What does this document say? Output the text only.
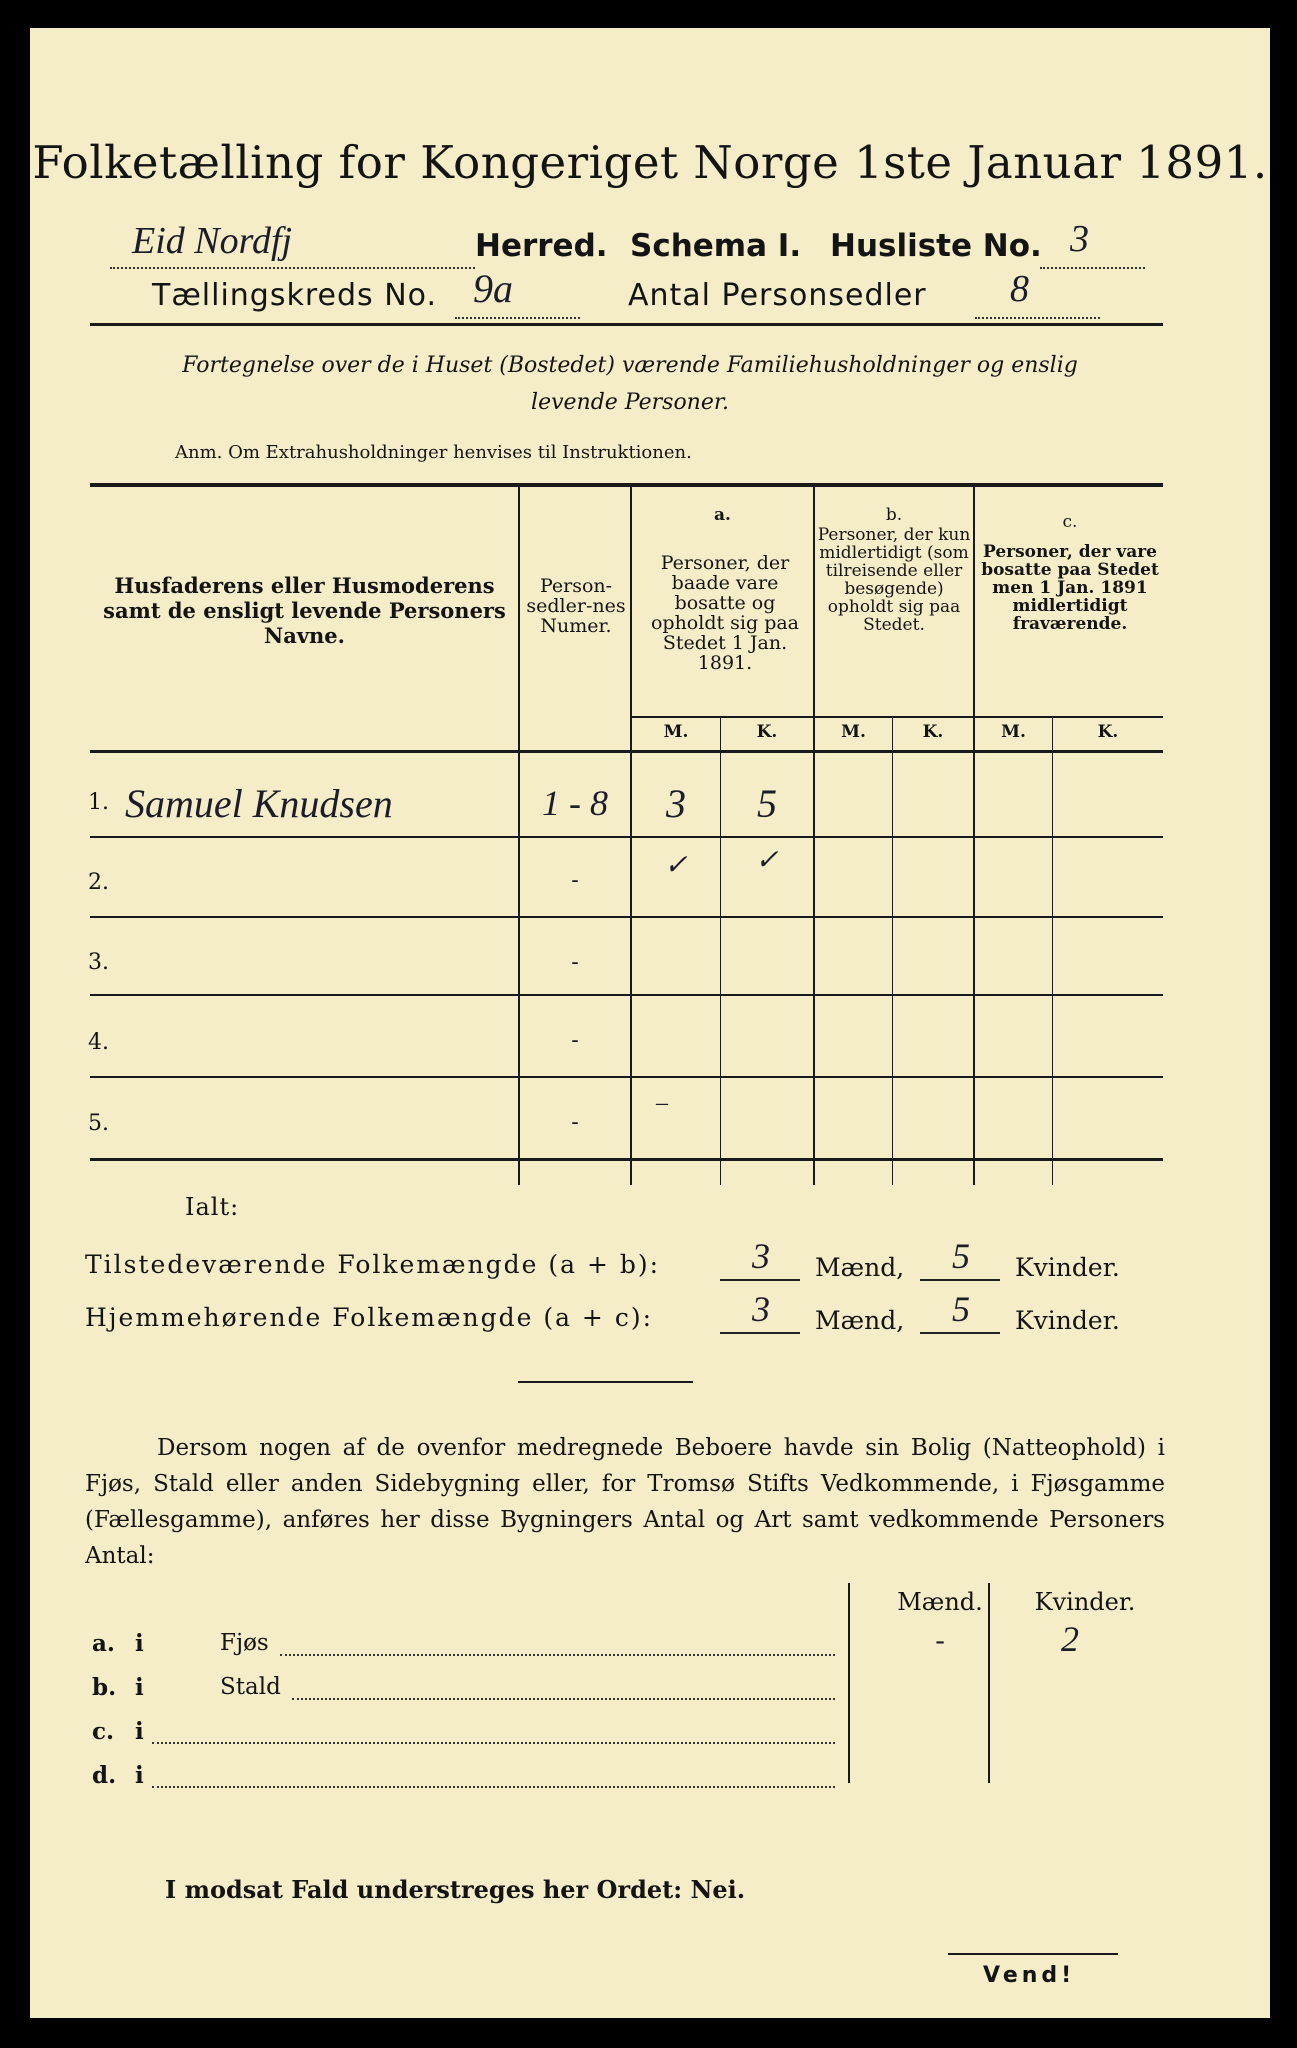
Folketælling for Kongeriget Norge 1ste Januar 1891.
Eid Nordfj	Herred. Schema I. Husliste No. 3
Tællingskreds No. 9a	Antal Personsedler 8
Fortegnelse over de i Huset (Bostedet) værende Familiehusholdninger og enslig
levende Personer.
Anm. Om Extrahusholdninger henvises til Instruktionen.
Husfaderens eller Husmoderens samt de ensligt levende Personers Navne.
Person-sedler-nes Numer.
a.
Personer, der baade vare bosatte og opholdt sig paa Stedet 1 Jan. 1891.
b.
Personer, der kun midlertidigt (som tilreisende eller besøgende) opholdt sig paa Stedet.
c.
Personer, der vare bosatte paa Stedet men 1 Jan. 1891 midlertidigt fraværende.
M.	K.	M.	K.	M.	K.
1. Samuel Knudsen	1 - 8	3	5
2.	-	✓	✓
3.	-
4.	-
5.	-
–
Ialt:
Tilstedeværende Folkemængde (a + b):	3 Mænd, 5 Kvinder.
Hjemmehørende Folkemængde (a + c):	3 Mænd, 5 Kvinder.
Dersom nogen af de ovenfor medregnede Beboere havde sin Bolig (Natteophold) i Fjøs, Stald eller anden Sidebygning eller, for Tromsø Stifts Vedkommende, i Fjøsgamme (Fællesgamme), anføres her disse Bygningers Antal og Art samt vedkommende Personers Antal:
Mænd.	Kvinder.
a. i	Fjøs	-	2
b. i	Stald
c. i
d. i
I modsat Fald understreges her Ordet: Nei.
Vend!
